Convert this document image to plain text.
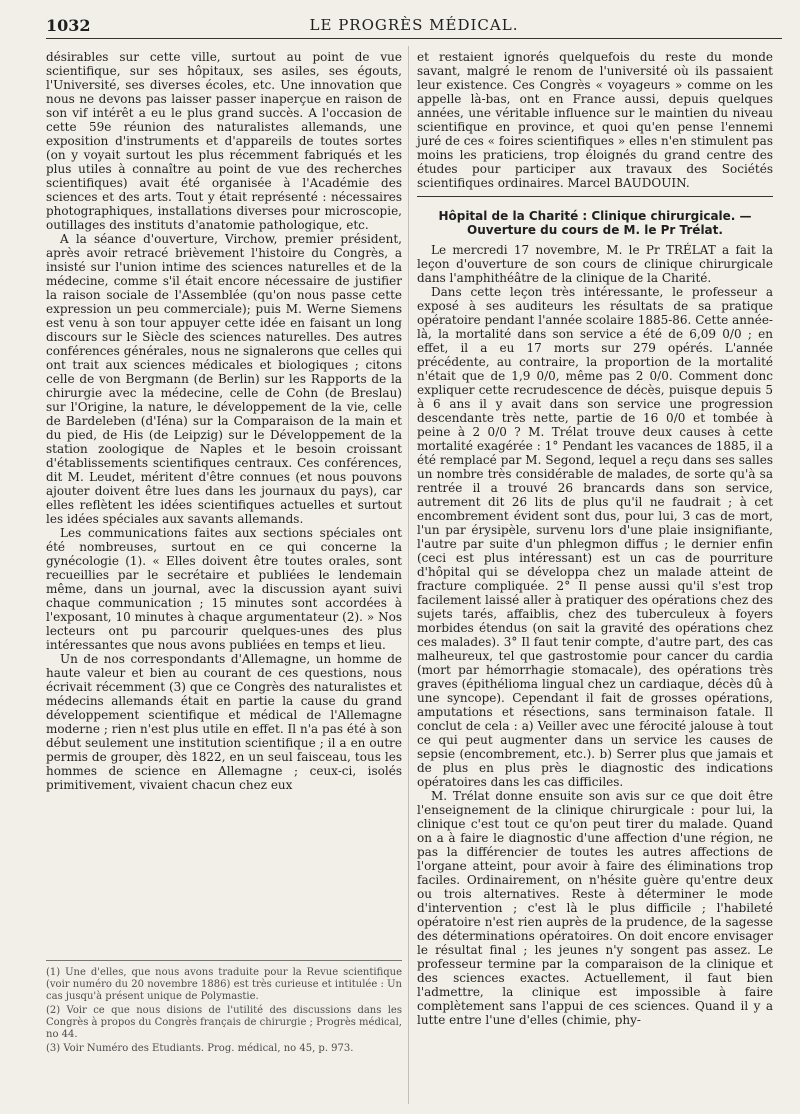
1032	LE PROGRÈS MÉDICAL.

désirables sur cette ville, surtout au point de vue scientifique, sur ses hôpitaux, ses asiles, ses égouts, l'Université, ses diverses écoles, etc. Une innovation que nous ne devons pas laisser passer inaperçue en raison de son vif intérêt a eu le plus grand succès. A l'occasion de cette 59e réunion des naturalistes allemands, une exposition d'instruments et d'appareils de toutes sortes (on y voyait surtout les plus récemment fabriqués et les plus utiles à connaître au point de vue des recherches scientifiques) avait été organisée à l'Académie des sciences et des arts. Tout y était représenté : nécessaires photographiques, installations diverses pour microscopie, outillages des instituts d'anatomie pathologique, etc.

A la séance d'ouverture, Virchow, premier président, après avoir retracé brièvement l'histoire du Congrès, a insisté sur l'union intime des sciences naturelles et de la médecine, comme s'il était encore nécessaire de justifier la raison sociale de l'Assemblée (qu'on nous passe cette expression un peu commerciale); puis M. Werne Siemens est venu à son tour appuyer cette idée en faisant un long discours sur le Siècle des sciences naturelles. Des autres conférences générales, nous ne signalerons que celles qui ont trait aux sciences médicales et biologiques ; citons celle de von Bergmann (de Berlin) sur les Rapports de la chirurgie avec la médecine, celle de Cohn (de Breslau) sur l'Origine, la nature, le développement de la vie, celle de Bardeleben (d'Iéna) sur la Comparaison de la main et du pied, de His (de Leipzig) sur le Développement de la station zoologique de Naples et le besoin croissant d'établissements scientifiques centraux. Ces conférences, dit M. Leudet, méritent d'être connues (et nous pouvons ajouter doivent être lues dans les journaux du pays), car elles reflètent les idées scientifiques actuelles et surtout les idées spéciales aux savants allemands.

Les communications faites aux sections spéciales ont été nombreuses, surtout en ce qui concerne la gynécologie (1). « Elles doivent être toutes orales, sont recueillies par le secrétaire et publiées le lendemain même, dans un journal, avec la discussion ayant suivi chaque communication ; 15 minutes sont accordées à l'exposant, 10 minutes à chaque argumentateur (2). » Nos lecteurs ont pu parcourir quelques-unes des plus intéressantes que nous avons publiées en temps et lieu.

Un de nos correspondants d'Allemagne, un homme de haute valeur et bien au courant de ces questions, nous écrivait récemment (3) que ce Congrès des naturalistes et médecins allemands était en partie la cause du grand développement scientifique et médical de l'Allemagne moderne ; rien n'est plus utile en effet. Il n'a pas été à son début seulement une institution scientifique ; il a en outre permis de grouper, dès 1822, en un seul faisceau, tous les hommes de science en Allemagne ; ceux-ci, isolés primitivement, vivaient chacun chez eux

(1) Une d'elles, que nous avons traduite pour la Revue scientifique (voir numéro du 20 novembre 1886) est très curieuse et intitulée : Un cas jusqu'à présent unique de Polymastie.

(2) Voir ce que nous disions de l'utilité des discussions dans les Congrès à propos du Congrès français de chirurgie ; Progrès médical, no 44.

(3) Voir Numéro des Etudiants. Prog. médical, no 45, p. 973.

et restaient ignorés quelquefois du reste du monde savant, malgré le renom de l'université où ils passaient leur existence. Ces Congrès « voyageurs » comme on les appelle là-bas, ont en France aussi, depuis quelques années, une véritable influence sur le maintien du niveau scientifique en province, et quoi qu'en pense l'ennemi juré de ces « foires scientifiques » elles n'en stimulent pas moins les praticiens, trop éloignés du grand centre des études pour participer aux travaux des Sociétés scientifiques ordinaires. Marcel BAUDOUIN.

Hôpital de la Charité : Clinique chirurgicale. —
Ouverture du cours de M. le Pr Trélat.

Le mercredi 17 novembre, M. le Pr TRÉLAT a fait la leçon d'ouverture de son cours de clinique chirurgicale dans l'amphithéâtre de la clinique de la Charité.

Dans cette leçon très intéressante, le professeur a exposé à ses auditeurs les résultats de sa pratique opératoire pendant l'année scolaire 1885-86. Cette année-là, la mortalité dans son service a été de 6,09 0/0 ; en effet, il a eu 17 morts sur 279 opérés. L'année précédente, au contraire, la proportion de la mortalité n'était que de 1,9 0/0, même pas 2 0/0. Comment donc expliquer cette recrudescence de décès, puisque depuis 5 à 6 ans il y avait dans son service une progression descendante très nette, partie de 16 0/0 et tombée à peine à 2 0/0 ? M. Trélat trouve deux causes à cette mortalité exagérée : 1° Pendant les vacances de 1885, il a été remplacé par M. Segond, lequel a reçu dans ses salles un nombre très considérable de malades, de sorte qu'à sa rentrée il a trouvé 26 brancards dans son service, autrement dit 26 lits de plus qu'il ne faudrait ; à cet encombrement évident sont dus, pour lui, 3 cas de mort, l'un par érysipèle, survenu lors d'une plaie insignifiante, l'autre par suite d'un phlegmon diffus ; le dernier enfin (ceci est plus intéressant) est un cas de pourriture d'hôpital qui se développa chez un malade atteint de fracture compliquée. 2° Il pense aussi qu'il s'est trop facilement laissé aller à pratiquer des opérations chez des sujets tarés, affaiblis, chez des tuberculeux à foyers morbides étendus (on sait la gravité des opérations chez ces malades). 3° Il faut tenir compte, d'autre part, des cas malheureux, tel que gastrostomie pour cancer du cardia (mort par hémorrhagie stomacale), des opérations très graves (épithélioma lingual chez un cardiaque, décès dû à une syncope). Cependant il fait de grosses opérations, amputations et résections, sans terminaison fatale. Il conclut de cela : a) Veiller avec une férocité jalouse à tout ce qui peut augmenter dans un service les causes de sepsie (encombrement, etc.). b) Serrer plus que jamais et de plus en plus près le diagnostic des indications opératoires dans les cas difficiles.

M. Trélat donne ensuite son avis sur ce que doit être l'enseignement de la clinique chirurgicale : pour lui, la clinique c'est tout ce qu'on peut tirer du malade. Quand on a à faire le diagnostic d'une affection d'une région, ne pas la différencier de toutes les autres affections de l'organe atteint, pour avoir à faire des éliminations trop faciles. Ordinairement, on n'hésite guère qu'entre deux ou trois alternatives. Reste à déterminer le mode d'intervention ; c'est là le plus difficile ; l'habileté opératoire n'est rien auprès de la prudence, de la sagesse des déterminations opératoires. On doit encore envisager le résultat final ; les jeunes n'y songent pas assez. Le professeur termine par la comparaison de la clinique et des sciences exactes. Actuellement, il faut bien l'admettre, la clinique est impossible à faire complètement sans l'appui de ces sciences. Quand il y a lutte entre l'une d'elles (chimie, phy-
